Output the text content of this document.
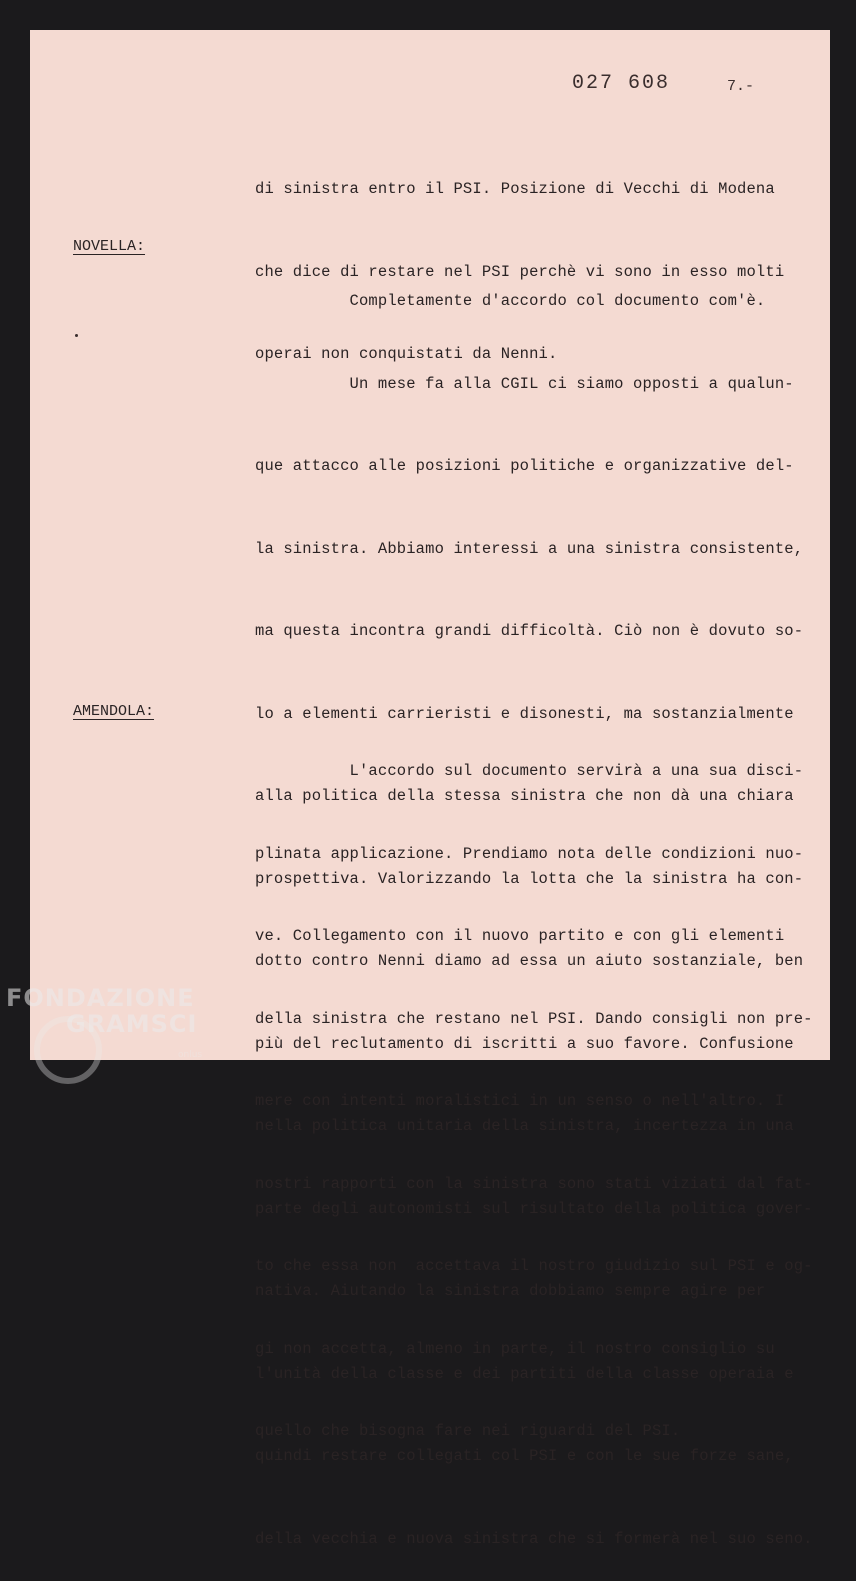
027 608	7.-

di sinistra entro il PSI. Posizione di Vecchi di Modena

che dice di restare nel PSI perchè vi sono in esso molti

operai non conquistati da Nenni.

NOVELLA:

Completamente d'accordo col documento com'è.

Un mese fa alla CGIL ci siamo opposti a qualun-

que attacco alle posizioni politiche e organizzative del-

la sinistra. Abbiamo interessi a una sinistra consistente,

ma questa incontra grandi difficoltà. Ciò non è dovuto so-

lo a elementi carrieristi e disonesti, ma sostanzialmente

alla politica della stessa sinistra che non dà una chiara

prospettiva. Valorizzando la lotta che la sinistra ha con-

dotto contro Nenni diamo ad essa un aiuto sostanziale, ben

più del reclutamento di iscritti a suo favore. Confusione

nella politica unitaria della sinistra, incertezza in una

parte degli autonomisti sul risultato della politica gover-

nativa. Aiutando la sinistra dobbiamo sempre agire per

l'unità della classe e dei partiti della classe operaia e

quindi restare collegati col PSI e con le sue forze sane,

della vecchia e nuova sinistra che si formerà nel suo seno.

AMENDOLA:

L'accordo sul documento servirà a una sua disci-

plinata applicazione. Prendiamo nota delle condizioni nuo-

ve. Collegamento con il nuovo partito e con gli elementi

della sinistra che restano nel PSI. Dando consigli non pre-

mere con intenti moralistici in un senso o nell'altro. I

nostri rapporti con la sinistra sono stati viziati dal fat-

to che essa non  accettava il nostro giudizio sul PSI e og-

gi non accetta, almeno in parte, il nostro consiglio su

quello che bisogna fare nei riguardi del PSI.

FONDAZIONE
GRAMSCI
onlus
